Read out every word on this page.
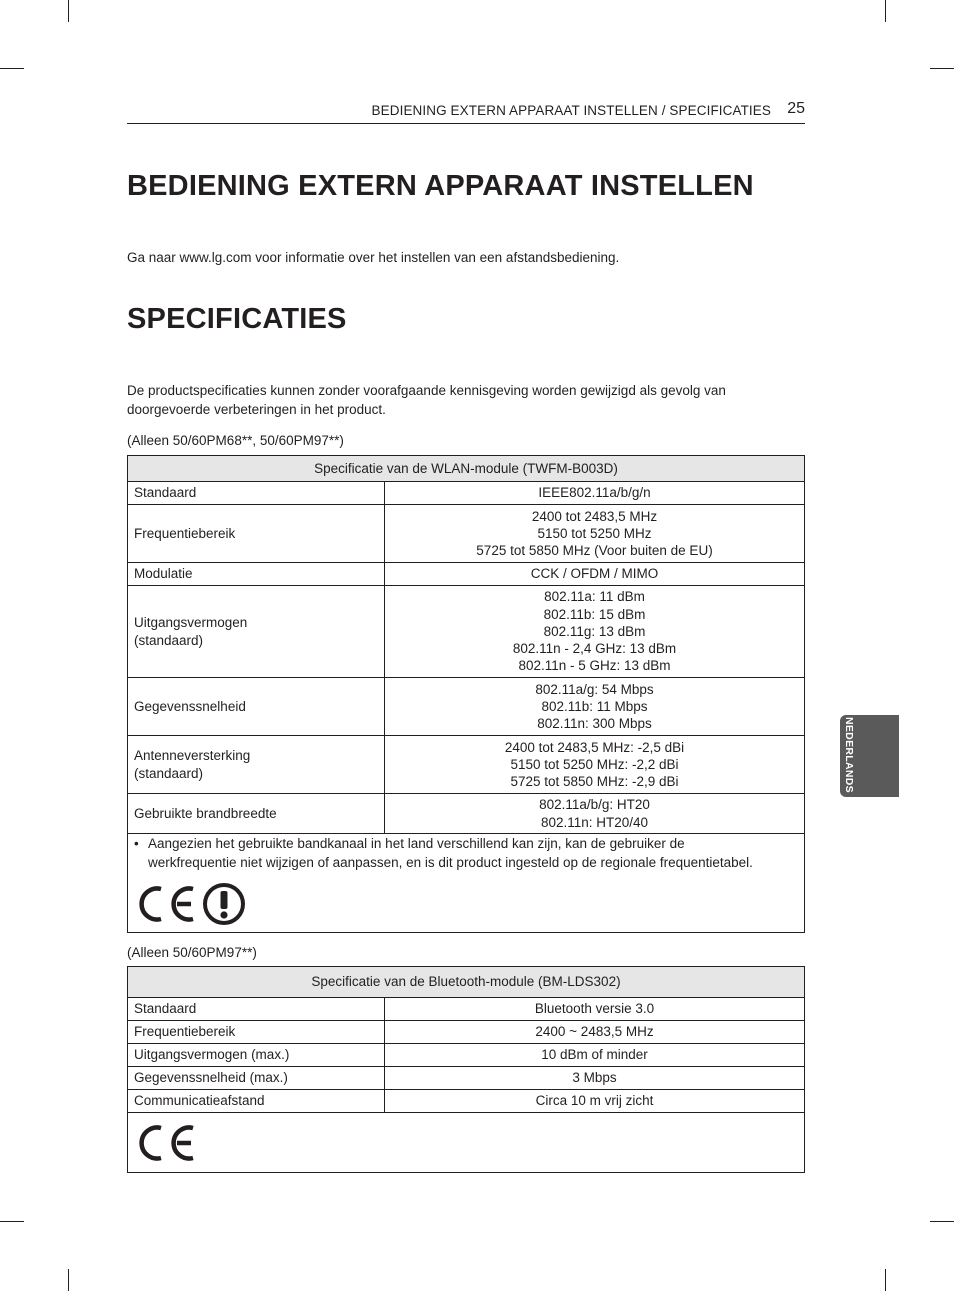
BEDIENING EXTERN APPARAAT INSTELLEN / SPECIFICATIES 25
BEDIENING EXTERN APPARAAT INSTELLEN

Ga naar www.lg.com voor informatie over het instellen van een afstandsbediening.

SPECIFICATIES

De productspecificaties kunnen zonder voorafgaande kennisgeving worden gewijzigd als gevolg van
doorgevoerde verbeteringen in het product.

(Alleen 50/60PM68**, 50/60PM97**)

Specificatie van de WLAN-module (TWFM-B003D)	
Standaard	IEEE802.11a/b/g/n
Frequentiebereik	2400 tot 2483,5 MHz
5150 tot 5250 MHz
5725 tot 5850 MHz (Voor buiten de EU)
Modulatie	CCK / OFDM / MIMO
Uitgangsvermogen
(standaard)	802.11a: 11 dBm
802.11b: 15 dBm
802.11g: 13 dBm
802.11n - 2,4 GHz: 13 dBm
802.11n - 5 GHz: 13 dBm
Gegevenssnelheid	802.11a/g: 54 Mbps
802.11b: 11 Mbps
802.11n: 300 Mbps
Antenneversterking
(standaard)	2400 tot 2483,5 MHz: -2,5 dBi
5150 tot 5250 MHz: -2,2 dBi
5725 tot 5850 MHz: -2,9 dBi
Gebruikte brandbreedte	802.11a/b/g: HT20
802.11n: HT20/40

• Aangezien het gebruikte bandkanaal in het land verschillend kan zijn, kan de gebruiker de
werkfrequentie niet wijzigen of aanpassen, en is dit product ingesteld op de regionale frequentietabel.	

(Alleen 50/60PM97**)

Specificatie van de Bluetooth-module (BM-LDS302)	
Standaard	Bluetooth versie 3.0
Frequentiebereik	2400 ~ 2483,5 MHz
Uitgangsvermogen (max.)	10 dBm of minder
Gegevenssnelheid (max.)	3 Mbps
Communicatieafstand	Circa 10 m vrij zicht

NEDERLANDS
